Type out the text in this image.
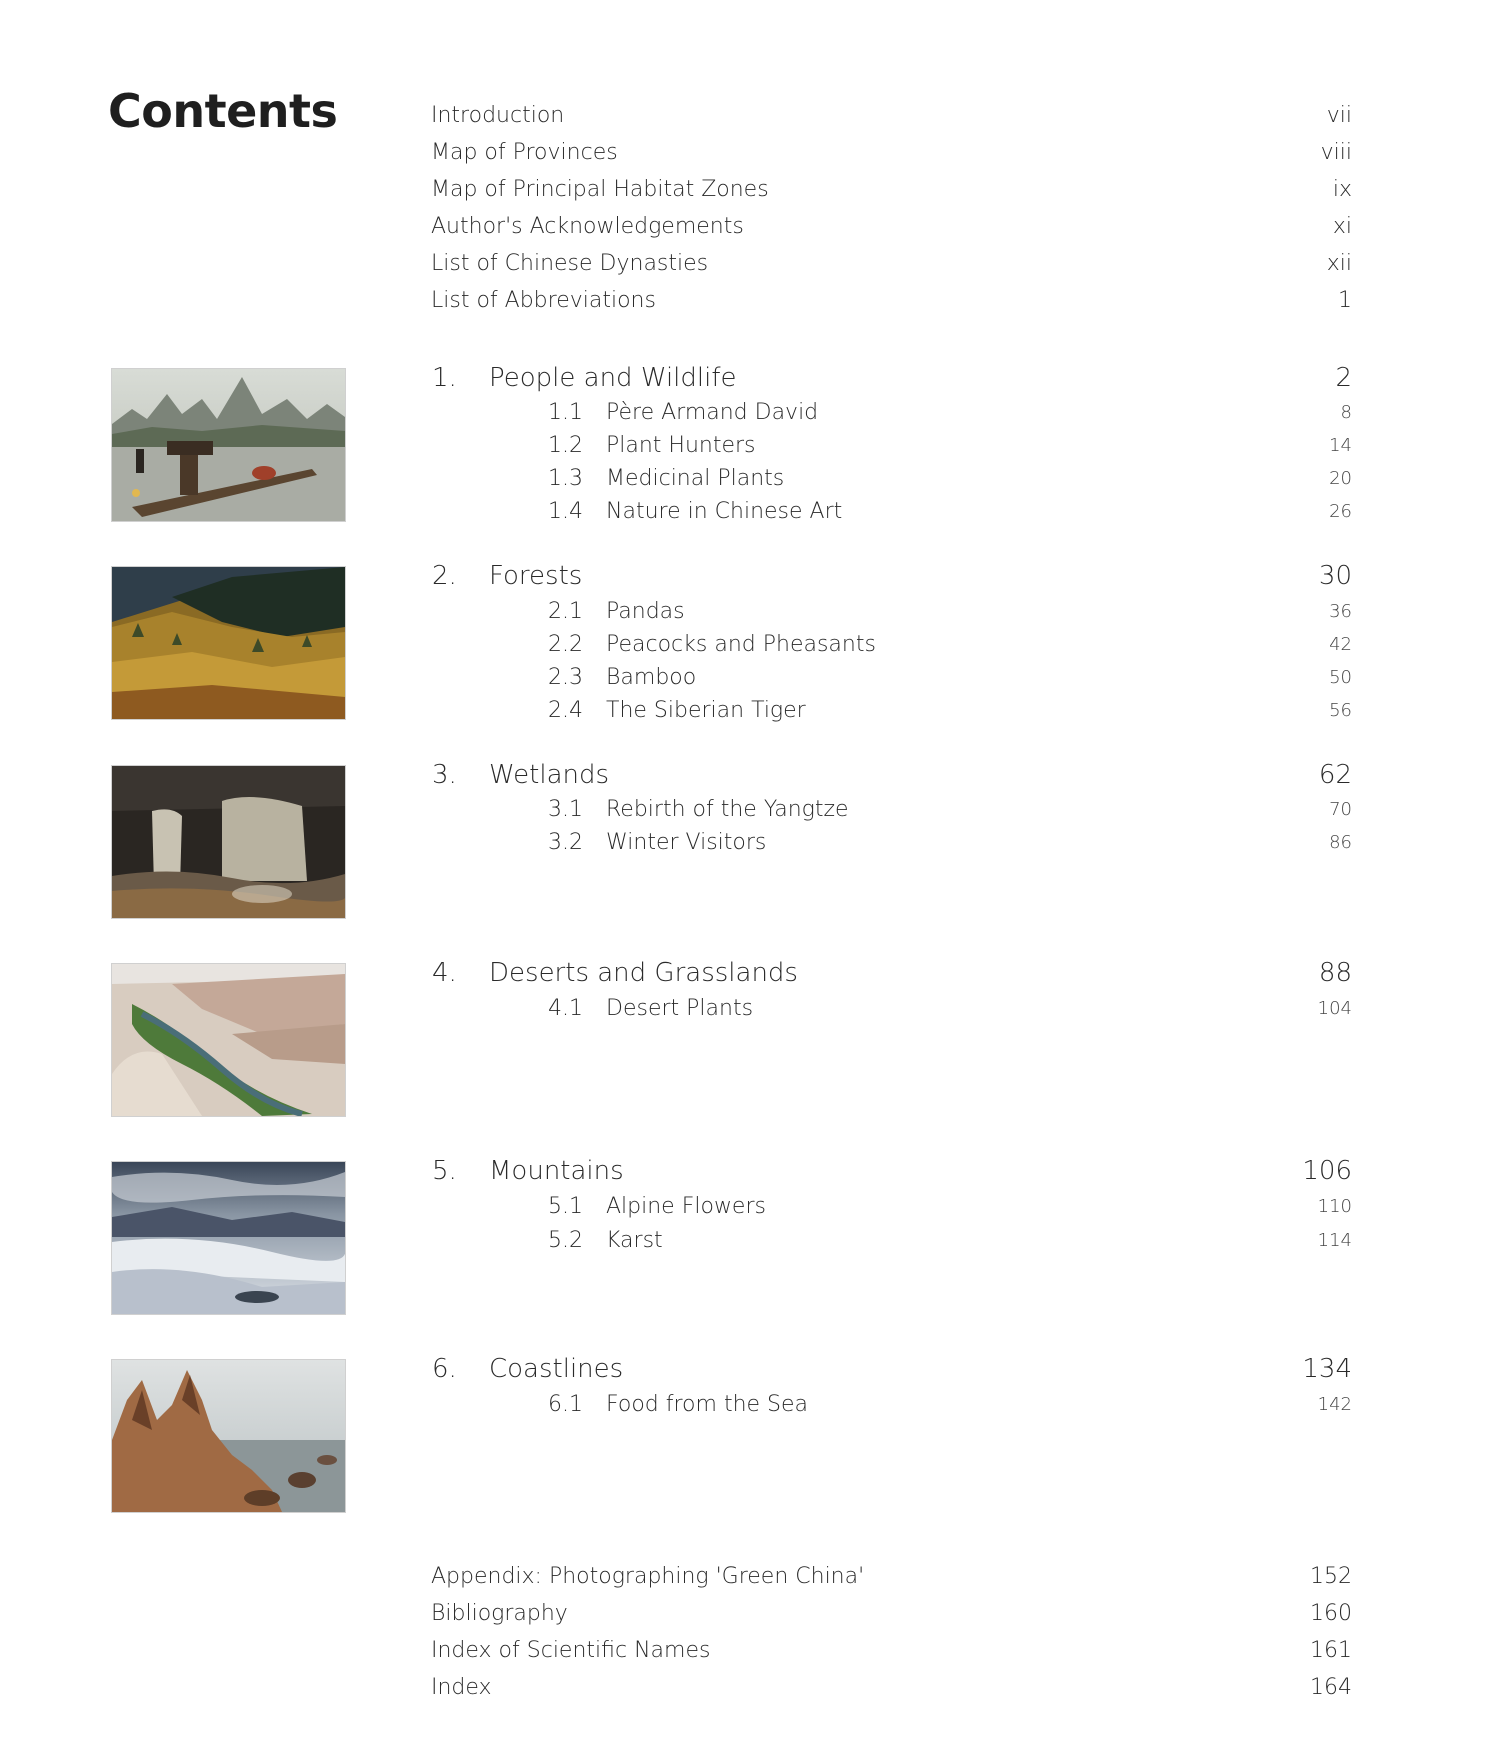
Contents	Introduction	vii
Map of Provinces	viii
Map of Principal Habitat Zones	ix
Author's Acknowledgements	xi
List of Chinese Dynasties	xii
List of Abbreviations	1
1. People and Wildlife	2
1.1 Père Armand David	8
1.2 Plant Hunters	14
1.3 Medicinal Plants	20
1.4 Nature in Chinese Art	26
2. Forests	30
2.1 Pandas	36
2.2 Peacocks and Pheasants	42
2.3 Bamboo	50
2.4 The Siberian Tiger	56
3. Wetlands	62
3.1 Rebirth of the Yangtze	70
3.2 Winter Visitors	86
4. Deserts and Grasslands	88
4.1 Desert Plants	104
5. Mountains	106
5.1 Alpine Flowers	110
5.2 Karst	114
6. Coastlines	134
6.1 Food from the Sea	142
Appendix: Photographing 'Green China'	152
Bibliography	160
Index of Scientific Names	161
Index	164
